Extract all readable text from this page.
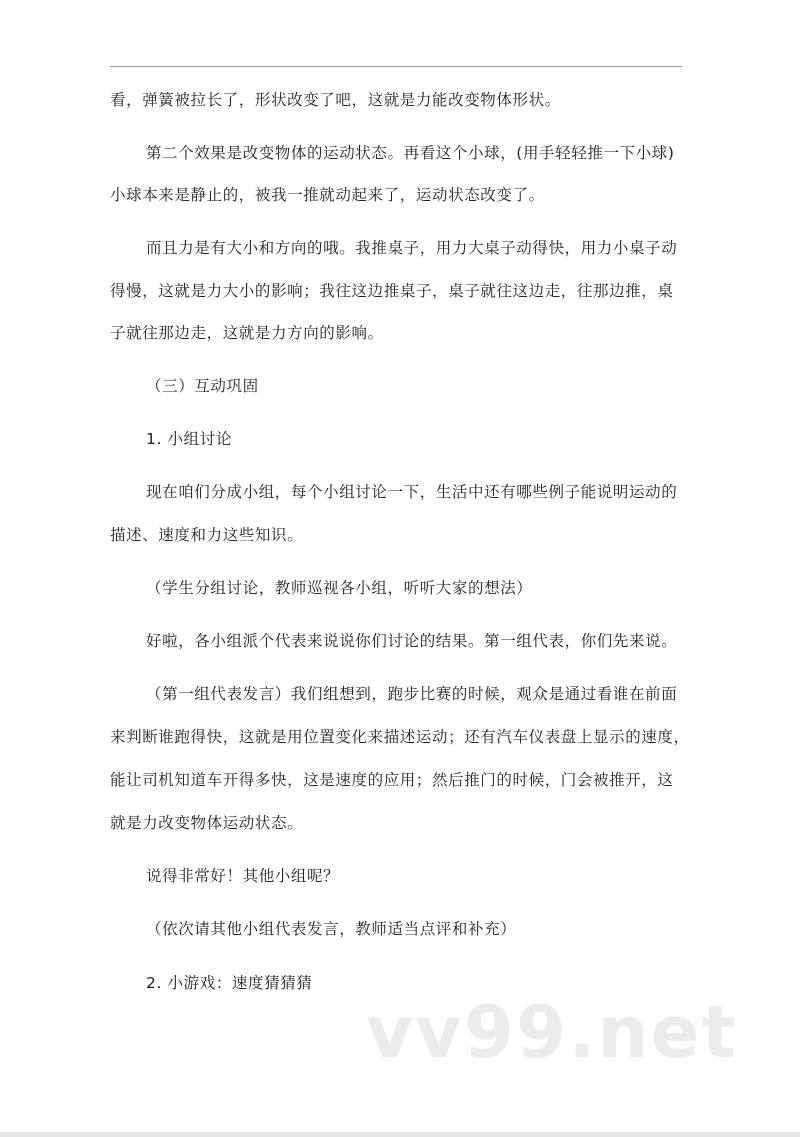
看，弹簧被拉长了，形状改变了吧，这就是力能改变物体形状。
第二个效果是改变物体的运动状态。再看这个小球，(用手轻轻推一下小球)
小球本来是静止的，被我一推就动起来了，运动状态改变了。
而且力是有大小和方向的哦。我推桌子，用力大桌子动得快，用力小桌子动
得慢，这就是力大小的影响；我往这边推桌子，桌子就往这边走，往那边推，桌
子就往那边走，这就是力方向的影响。
（三）互动巩固
1. 小组讨论
现在咱们分成小组，每个小组讨论一下，生活中还有哪些例子能说明运动的
描述、速度和力这些知识。
（学生分组讨论，教师巡视各小组，听听大家的想法）
好啦，各小组派个代表来说说你们讨论的结果。第一组代表，你们先来说。
（第一组代表发言）我们组想到，跑步比赛的时候，观众是通过看谁在前面
来判断谁跑得快，这就是用位置变化来描述运动；还有汽车仪表盘上显示的速度，
能让司机知道车开得多快，这是速度的应用；然后推门的时候，门会被推开，这
就是力改变物体运动状态。
说得非常好！其他小组呢？
（依次请其他小组代表发言，教师适当点评和补充）
2. 小游戏：速度猜猜猜
vv99.net
